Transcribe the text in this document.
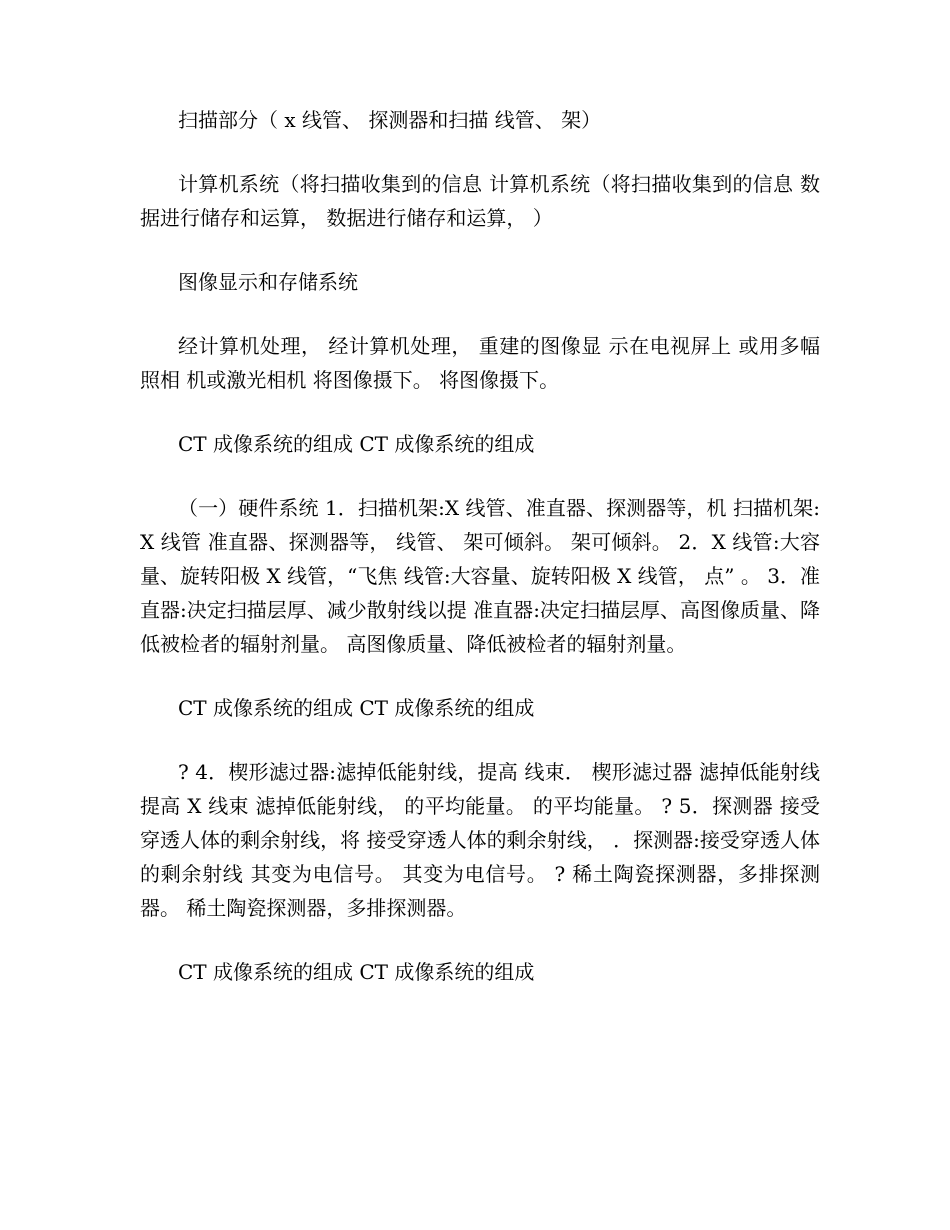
扫描部分（ x 线管、 探测器和扫描 线管、 架）

计算机系统（将扫描收集到的信息 计算机系统（将扫描收集到的信息 数据进行储存和运算， 数据进行储存和运算， ）

图像显示和存储系统

经计算机处理， 经计算机处理， 重建的图像显 示在电视屏上 或用多幅照相 机或激光相机 将图像摄下。 将图像摄下。

CT 成像系统的组成 CT 成像系统的组成

（一）硬件系统 1．扫描机架:X 线管、准直器、探测器等，机 扫描机架:X 线管 准直器、探测器等， 线管、 架可倾斜。 架可倾斜。 2．X 线管:大容量、旋转阳极 X 线管，“飞焦 线管:大容量、旋转阳极 X 线管， 点” 。 3．准直器:决定扫描层厚、减少散射线以提 准直器:决定扫描层厚、高图像质量、降低被检者的辐射剂量。 高图像质量、降低被检者的辐射剂量。

CT 成像系统的组成 CT 成像系统的组成

? 4．楔形滤过器:滤掉低能射线，提高 线束． 楔形滤过器 滤掉低能射线 提高 X 线束 滤掉低能射线， 的平均能量。 的平均能量。 ? 5．探测器 接受穿透人体的剩余射线，将 接受穿透人体的剩余射线， ．探测器:接受穿透人体的剩余射线 其变为电信号。 其变为电信号。 ? 稀土陶瓷探测器，多排探测器。 稀土陶瓷探测器，多排探测器。

CT 成像系统的组成 CT 成像系统的组成
